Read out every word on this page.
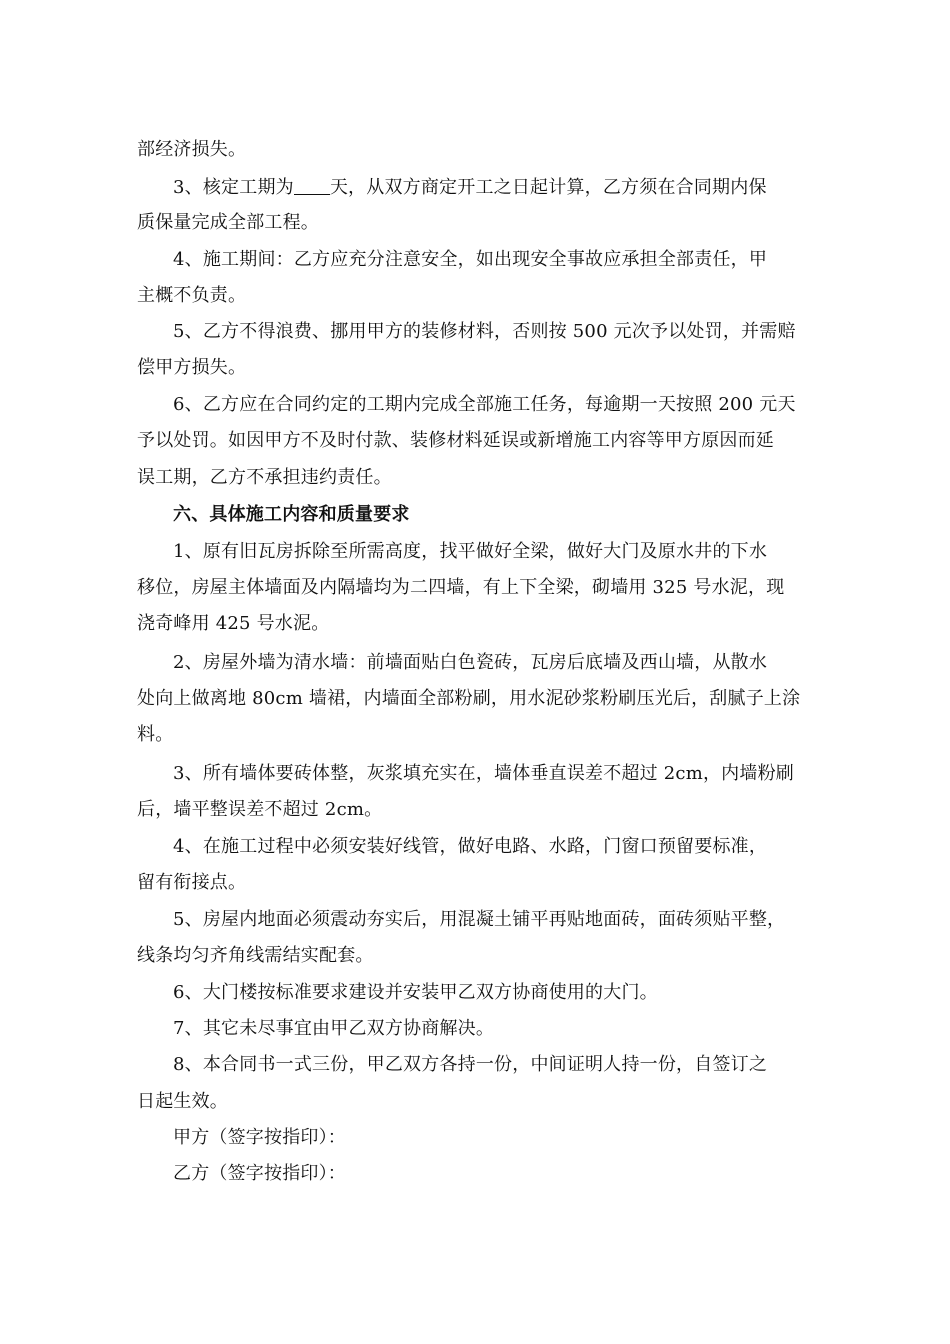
部经济损失。
3、核定工期为 天，从双方商定开工之日起计算，乙方须在合同期内保
质保量完成全部工程。
4、施工期间：乙方应充分注意安全，如出现安全事故应承担全部责任，甲
主概不负责。
5、乙方不得浪费、挪用甲方的装修材料，否则按 500 元次予以处罚，并需赔
偿甲方损失。
6、乙方应在合同约定的工期内完成全部施工任务，每逾期一天按照 200 元天
予以处罚。如因甲方不及时付款、装修材料延误或新增施工内容等甲方原因而延
误工期，乙方不承担违约责任。
六、具体施工内容和质量要求
1、原有旧瓦房拆除至所需高度，找平做好全梁，做好大门及原水井的下水
移位，房屋主体墙面及内隔墙均为二四墙，有上下全梁，砌墙用 325 号水泥，现
浇奇峰用 425 号水泥。
2、房屋外墙为清水墙：前墙面贴白色瓷砖，瓦房后底墙及西山墙，从散水
处向上做离地 80cm 墙裙，内墙面全部粉刷，用水泥砂浆粉刷压光后，刮腻子上涂
料。
3、所有墙体要砖体整，灰浆填充实在，墙体垂直误差不超过 2cm，内墙粉刷
后，墙平整误差不超过 2cm。
4、在施工过程中必须安装好线管，做好电路、水路，门窗口预留要标准，
留有衔接点。
5、房屋内地面必须震动夯实后，用混凝土铺平再贴地面砖，面砖须贴平整，
线条均匀齐角线需结实配套。
6、大门楼按标准要求建设并安装甲乙双方协商使用的大门。
7、其它未尽事宜由甲乙双方协商解决。
8、本合同书一式三份，甲乙双方各持一份，中间证明人持一份，自签订之
日起生效。
甲方（签字按指印）：
乙方（签字按指印）：
